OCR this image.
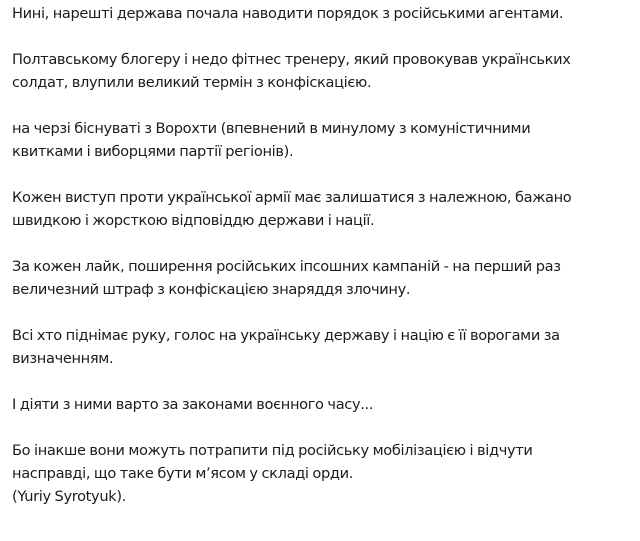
Нині, нарешті держава почала наводити порядок з російськими агентами.

Полтавському блогеру і недо фітнес тренеру, який провокував українських
солдат, влупили великий термін з конфіскацією.

на черзі біснуваті з Ворохти (впевнений в минулому з комуністичними
квитками і виборцями партії регіонів).

Кожен виступ проти української армії має залишатися з належною, бажано
швидкою і жорсткою відповіддю держави і нації.

За кожен лайк, поширення російських іпсошних кампаній - на перший раз
величезний штраф з конфіскацією знаряддя злочину.

Всі хто піднімає руку, голос на українську державу і націю є її ворогами за
визначенням.

І діяти з ними варто за законами воєнного часу...

Бо інакше вони можуть потрапити під російську мобілізацією і відчути
насправді, що таке бути м’ясом у складі орди.
(Yuriy Syrotyuk).
